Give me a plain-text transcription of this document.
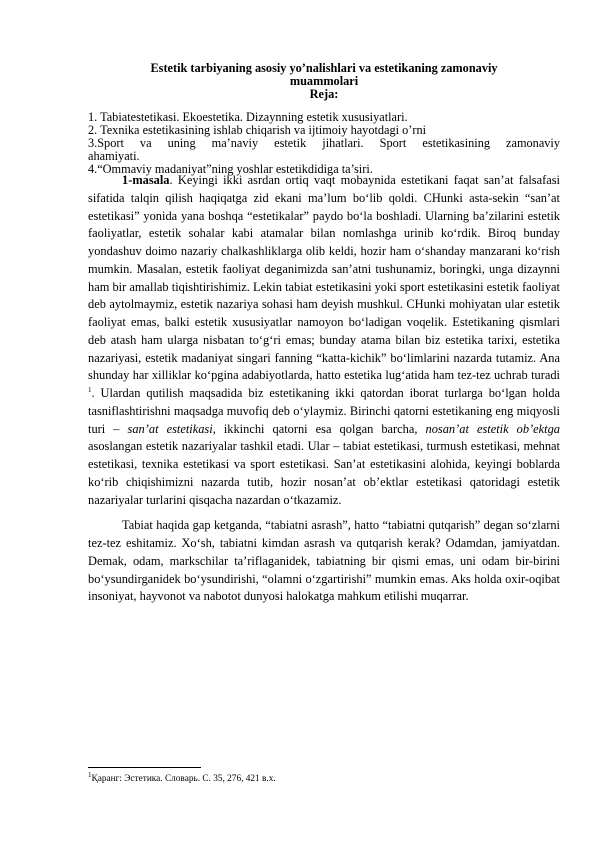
Estetik tarbiyaning asosiy yo’nalishlari va estetikaning zamonaviy
muammolari
Reja:
1. Tabiatestetikasi. Ekoestetika. Dizaynning estetik xususiyatlari.
2. Texnika estetikasining ishlab chiqarish va ijtimoiy hayotdagi o’rni
3.Sport va uning ma’naviy estetik jihatlari. Sport estetikasining zamonaviy
ahamiyati.
4.“Ommaviy madaniyat”ning yoshlar estetikdidiga ta’siri.

1-masala. Keyingi ikki asrdan ortiq vaqt mobaynida estetikani faqat san’at falsafasi sifatida talqin qilish haqiqatga zid ekani ma’lum bo‘lib qoldi. CHunki asta-sekin “san’at estetikasi” yonida yana boshqa “estetikalar” paydo bo‘la boshladi. Ularning ba’zilarini estetik faoliyatlar, estetik sohalar kabi atamalar bilan nomlashga urinib ko‘rdik. Biroq bunday yondashuv doimo nazariy chalkashliklarga olib keldi, hozir ham o‘shanday manzarani ko‘rish mumkin. Masalan, estetik faoliyat deganimizda san’atni tushunamiz, boringki, unga dizaynni ham bir amallab tiqishtirishimiz. Lekin tabiat estetikasini yoki sport estetikasini estetik faoliyat deb aytolmaymiz, estetik nazariya sohasi ham deyish mushkul. CHunki mohiyatan ular estetik faoliyat emas, balki estetik xususiyatlar namoyon bo‘ladigan voqelik. Estetikaning qismlari deb atash ham ularga nisbatan to‘g‘ri emas; bunday atama bilan biz estetika tarixi, estetika nazariyasi, estetik madaniyat singari fanning “katta-kichik” bo‘limlarini nazarda tutamiz. Ana shunday har xilliklar ko‘pgina adabiyotlarda, hatto estetika lug‘atida ham tez-tez uchrab turadi $^1$. Ulardan qutilish maqsadida biz estetikaning ikki qatordan iborat turlarga bo‘lgan holda tasniflashtirishni maqsadga muvofiq deb o‘ylaymiz. Birinchi qatorni estetikaning eng miqyosli turi – san’at estetikasi, ikkinchi qatorni esa qolgan barcha, nosan’at estetik ob’ektga asoslangan estetik nazariyalar tashkil etadi. Ular – tabiat estetikasi, turmush estetikasi, mehnat estetikasi, texnika estetikasi va sport estetikasi. San’at estetikasini alohida, keyingi boblarda ko‘rib chiqishimizni nazarda tutib, hozir nosan’at ob’ektlar estetikasi qatoridagi estetik nazariyalar turlarini qisqacha nazardan o‘tkazamiz.

Tabiat haqida gap ketganda, “tabiatni asrash”, hatto “tabiatni qutqarish” degan so‘zlarni tez-tez eshitamiz. Xo‘sh, tabiatni kimdan asrash va qutqarish kerak? Odamdan, jamiyatdan. Demak, odam, markschilar ta’riflaganidek, tabiatning bir qismi emas, uni odam bir-birini bo‘ysundirganidek bo‘ysundirishi, “olamni o‘zgartirishi” mumkin emas. Aks holda oxir-oqibat insoniyat, hayvonot va nabotot dunyosi halokatga mahkum etilishi muqarrar.

$^1$Қаранг: Эстетика. Словарь. С. 35, 276, 421 в.х.
